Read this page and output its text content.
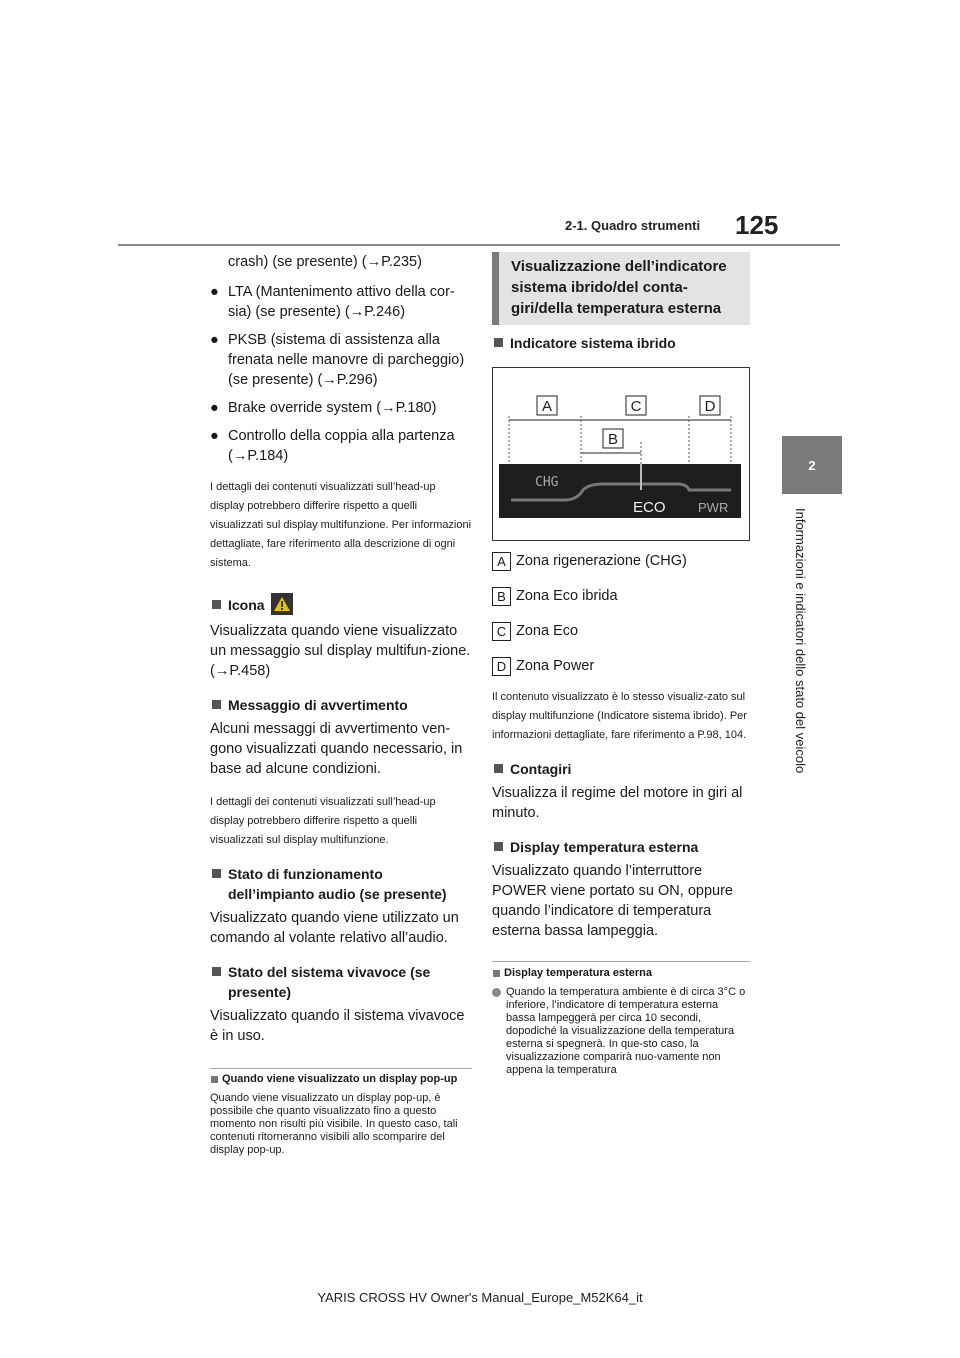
2-1. Quadro strumenti 125
2
Informazioni e indicatori dello stato del veicolo

crash) (se presente) (→P.235)

● LTA (Mantenimento attivo della cor-sia) (se presente) (→P.246)
● PKSB (sistema di assistenza alla frenata nelle manovre di parcheggio) (se presente) (→P.296)
● Brake override system (→P.180)
● Controllo della coppia alla partenza (→P.184)

I dettagli dei contenuti visualizzati sull’head-up display potrebbero differire rispetto a quelli visualizzati sul display multifunzione. Per informazioni dettagliate, fare riferimento alla descrizione di ogni sistema.

Icona

Visualizzata quando viene visualizzato un messaggio sul display multifun-zione. (→P.458)

Messaggio di avvertimento

Alcuni messaggi di avvertimento ven-gono visualizzati quando necessario, in base ad alcune condizioni.

I dettagli dei contenuti visualizzati sull’head-up display potrebbero differire rispetto a quelli visualizzati sul display multifunzione.

Stato di funzionamento dell’impianto audio (se presente)

Visualizzato quando viene utilizzato un comando al volante relativo all’audio.

Stato del sistema vivavoce (se presente)

Visualizzato quando il sistema vivavoce è in uso.

Quando viene visualizzato un display pop-up

Quando viene visualizzato un display pop-up, è possibile che quanto visualizzato fino a questo momento non risulti più visibile. In questo caso, tali contenuti ritorneranno visibili allo scomparire del display pop-up.

Visualizzazione dell’indicatore sistema ibrido/del conta-giri/della temperatura esterna
Indicatore sistema ibrido
A	C	D
B
CHG
ECO PWR
A Zona rigenerazione (CHG)
B Zona Eco ibrida
C Zona Eco
D Zona Power

Il contenuto visualizzato è lo stesso visualiz-zato sul display multifunzione (Indicatore sistema ibrido). Per informazioni dettagliate, fare riferimento a P.98, 104.

Contagiri

Visualizza il regime del motore in giri al minuto.

Display temperatura esterna

Visualizzato quando l’interruttore POWER viene portato su ON, oppure quando l’indicatore di temperatura esterna bassa lampeggia.

Display temperatura esterna
Quando la temperatura ambiente è di circa 3°C o inferiore, l’indicatore di temperatura esterna bassa lampeggerà per circa 10 secondi, dopodiché la visualizzazione della temperatura esterna si spegnerà. In que-sto caso, la visualizzazione comparirà nuo-vamente non appena la temperatura
YARIS CROSS HV Owner's Manual_Europe_M52K64_it
